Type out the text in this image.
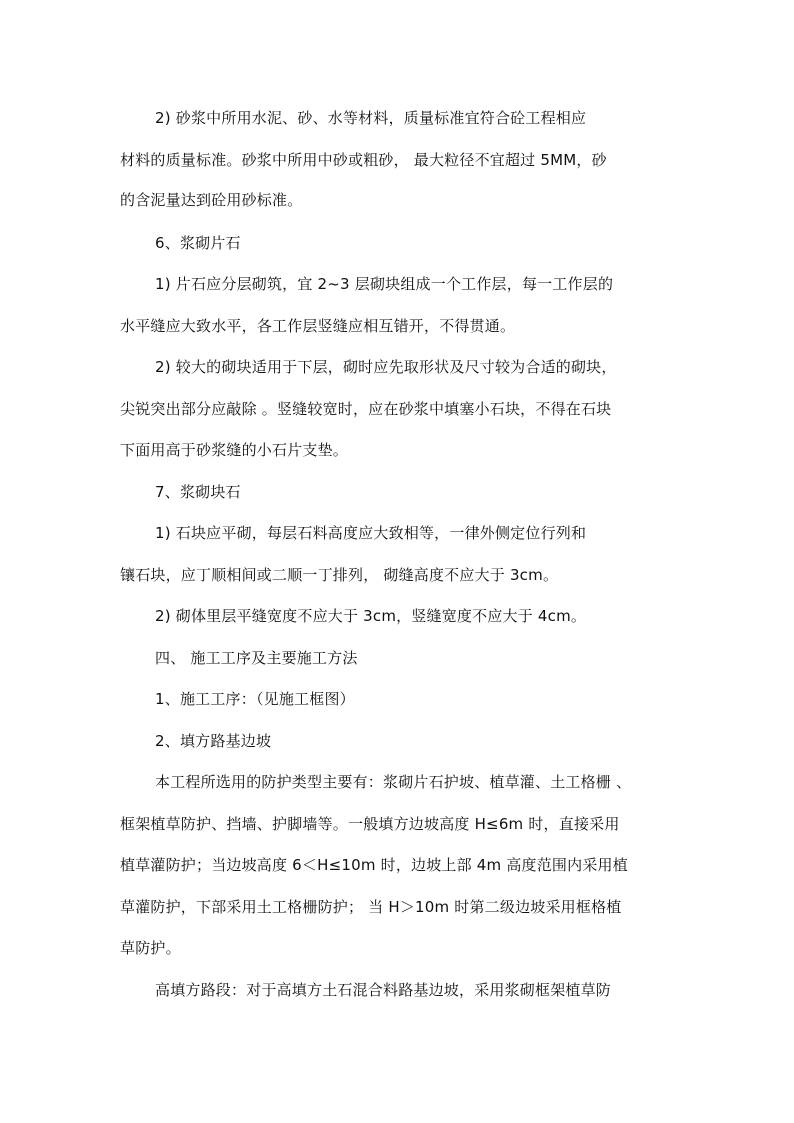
2) 砂浆中所用水泥、砂、水等材料，质量标准宜符合砼工程相应
材料的质量标准。砂浆中所用中砂或粗砂， 最大粒径不宜超过 5MM，砂
的含泥量达到砼用砂标准。
6、浆砌片石
1) 片石应分层砌筑，宜 2~3 层砌块组成一个工作层，每一工作层的
水平缝应大致水平，各工作层竖缝应相互错开，不得贯通。
2) 较大的砌块适用于下层，砌时应先取形状及尺寸较为合适的砌块，
尖锐突出部分应敲除 。竖缝较宽时，应在砂浆中填塞小石块，不得在石块
下面用高于砂浆缝的小石片支垫。
7、浆砌块石
1) 石块应平砌，每层石料高度应大致相等，一律外侧定位行列和
镶石块，应丁顺相间或二顺一丁排列， 砌缝高度不应大于 3cm。
2) 砌体里层平缝宽度不应大于 3cm，竖缝宽度不应大于 4cm。
四、 施工工序及主要施工方法
1、施工工序：（见施工框图）
2、填方路基边坡
本工程所选用的防护类型主要有：浆砌片石护坡、植草灌、土工格栅 、
框架植草防护、挡墙、护脚墙等。一般填方边坡高度 H≤6m 时，直接采用
植草灌防护；当边坡高度 6＜H≤10m 时，边坡上部 4m 高度范围内采用植
草灌防护，下部采用土工格栅防护； 当 H＞10m 时第二级边坡采用框格植
草防护。
高填方路段：对于高填方土石混合料路基边坡，采用浆砌框架植草防
